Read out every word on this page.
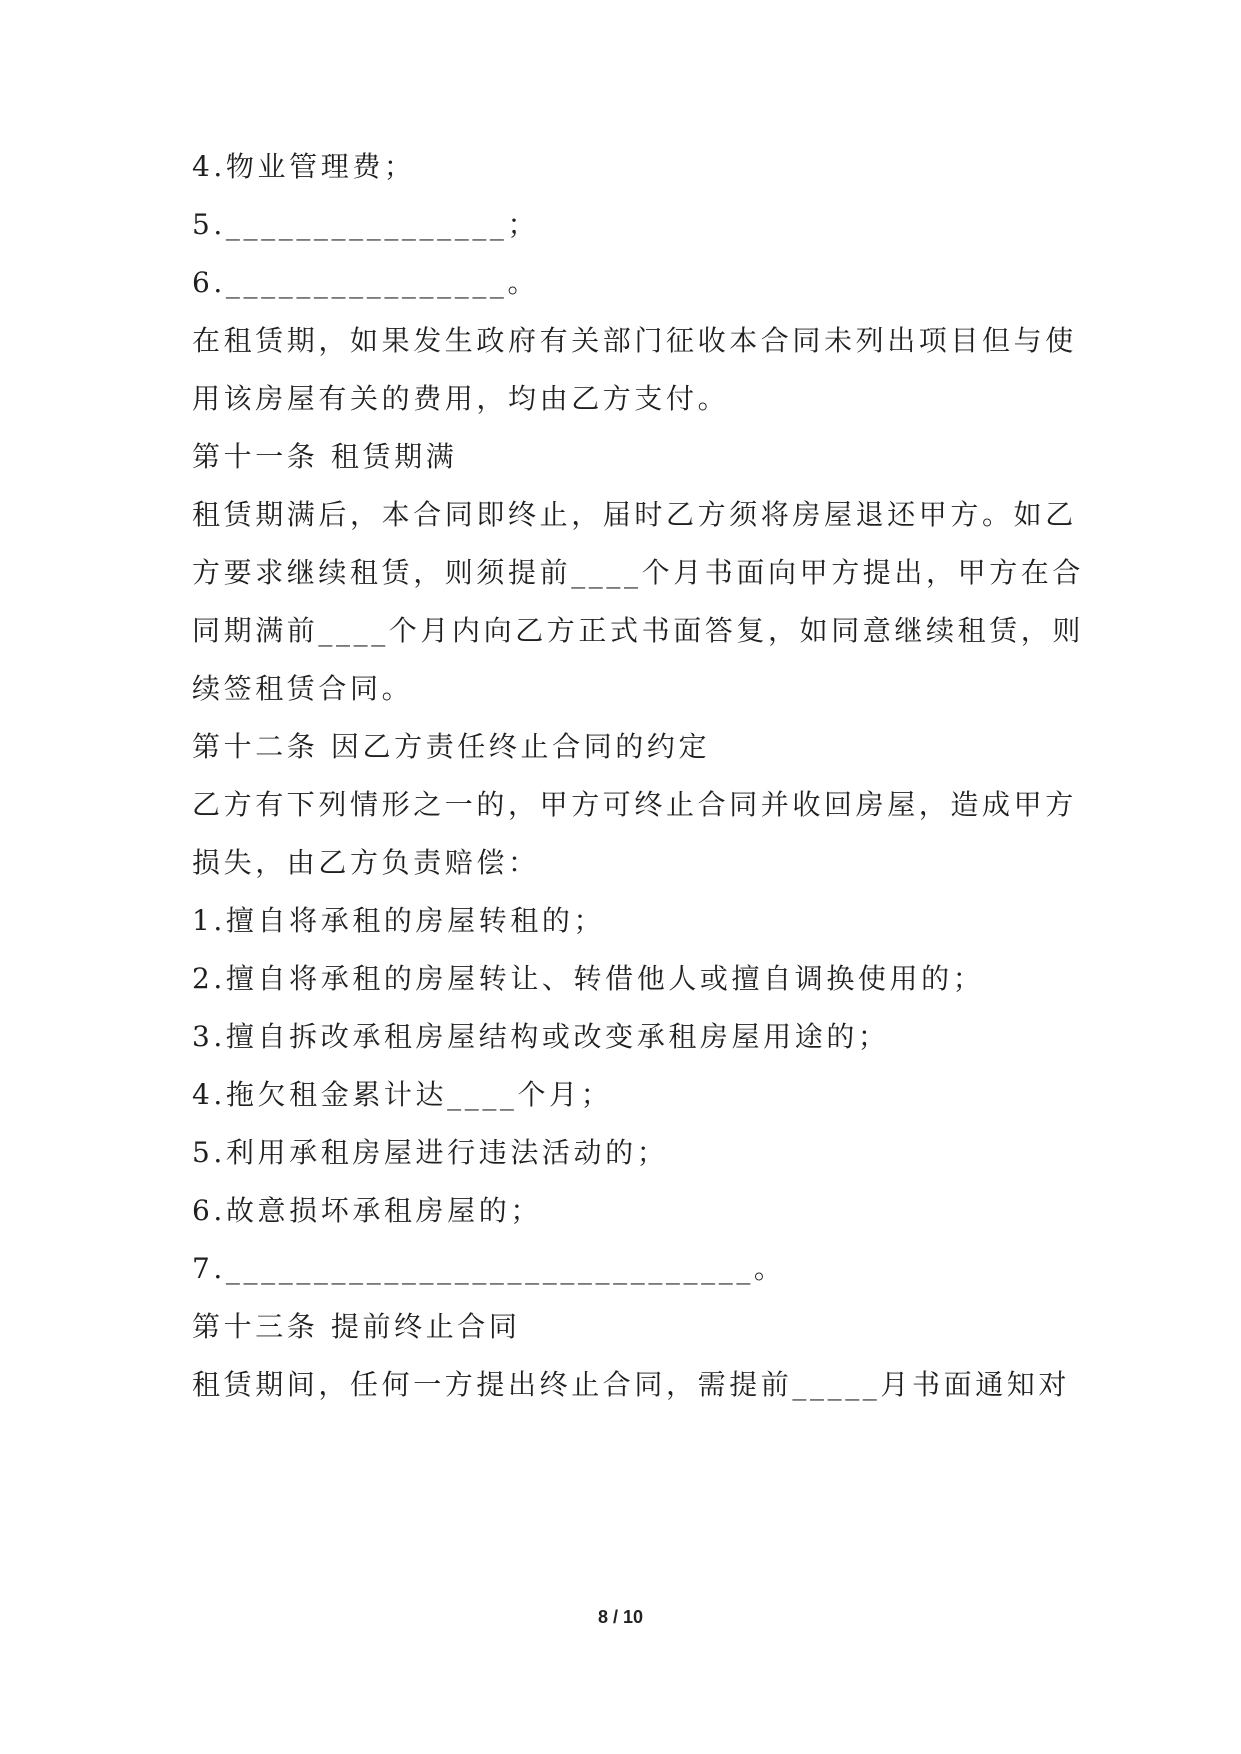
4.物业管理费；

5.________________；

6.________________。

在租赁期，如果发生政府有关部门征收本合同未列出项目但与使

用该房屋有关的费用，均由乙方支付。

第十一条 租赁期满

租赁期满后，本合同即终止，届时乙方须将房屋退还甲方。如乙

方要求继续租赁，则须提前____个月书面向甲方提出，甲方在合

同期满前____个月内向乙方正式书面答复，如同意继续租赁，则

续签租赁合同。

第十二条 因乙方责任终止合同的约定

乙方有下列情形之一的，甲方可终止合同并收回房屋，造成甲方

损失，由乙方负责赔偿：

1.擅自将承租的房屋转租的；

2.擅自将承租的房屋转让、转借他人或擅自调换使用的；

3.擅自拆改承租房屋结构或改变承租房屋用途的；

4.拖欠租金累计达____个月；

5.利用承租房屋进行违法活动的；

6.故意损坏承租房屋的；

7.______________________________。

第十三条 提前终止合同

租赁期间，任何一方提出终止合同，需提前_____月书面通知对

8 / 10
